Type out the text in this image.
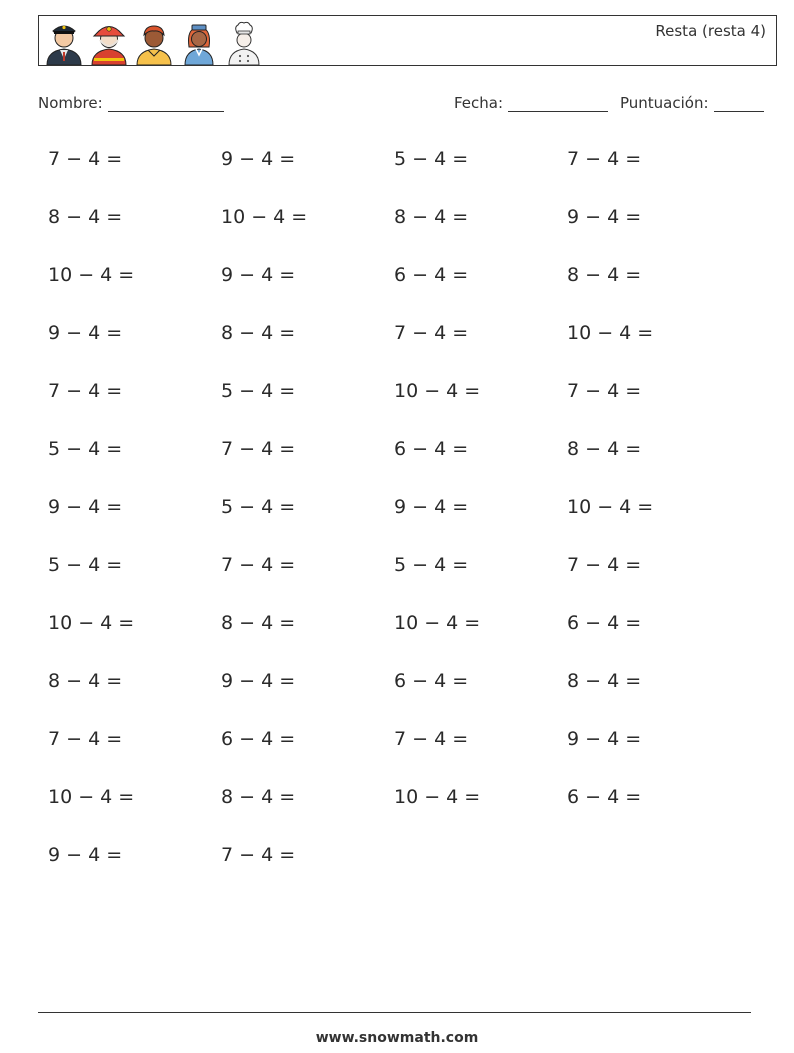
Resta (resta 4)
Nombre:	Fecha:	Puntuación:
7 − 4 =	9 − 4 =	5 − 4 =	7 − 4 =
8 − 4 =	10 − 4 =	8 − 4 =	9 − 4 =
10 − 4 =	9 − 4 =	6 − 4 =	8 − 4 =
9 − 4 =	8 − 4 =	7 − 4 =	10 − 4 =
7 − 4 =	5 − 4 =	10 − 4 =	7 − 4 =
5 − 4 =	7 − 4 =	6 − 4 =	8 − 4 =
9 − 4 =	5 − 4 =	9 − 4 =	10 − 4 =
5 − 4 =	7 − 4 =	5 − 4 =	7 − 4 =
10 − 4 =	8 − 4 =	10 − 4 =	6 − 4 =
8 − 4 =	9 − 4 =	6 − 4 =	8 − 4 =
7 − 4 =	6 − 4 =	7 − 4 =	9 − 4 =
10 − 4 =	8 − 4 =	10 − 4 =	6 − 4 =
9 − 4 =	7 − 4 =
www.snowmath.com
